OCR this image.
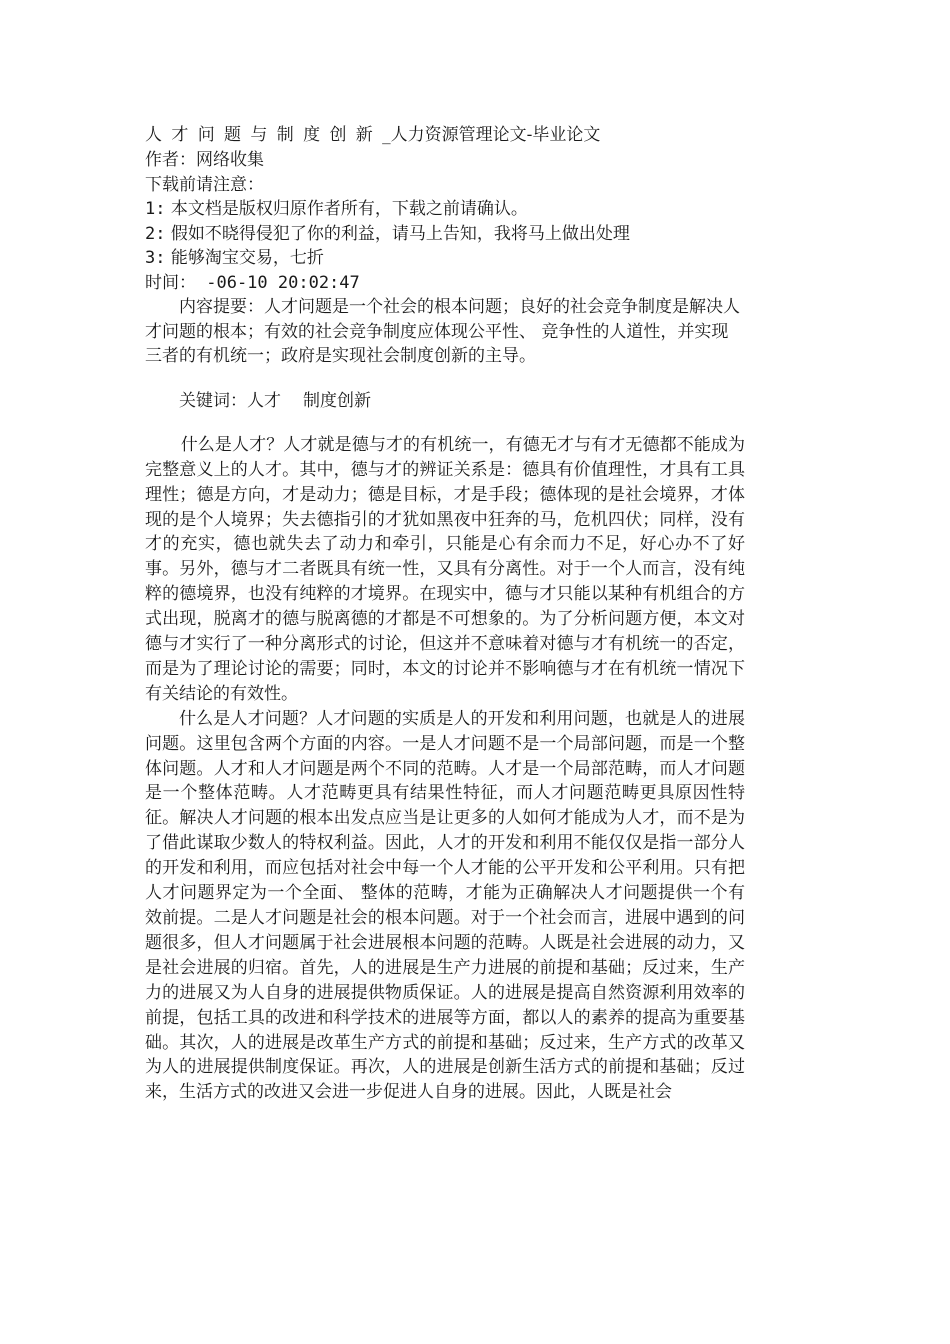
人才问题与制度创新_人力资源管理论文-毕业论文
作者：网络收集
下载前请注意：
1: 本文档是版权归原作者所有，下载之前请确认。
2: 假如不晓得侵犯了你的利益，请马上告知，我将马上做出处理
3: 能够淘宝交易，七折
时间： -06-10 20:02:47

内容提要：人才问题是一个社会的根本问题；良好的社会竞争制度是解决人才问题的根本；有效的社会竞争制度应体现公平性、 竞争性的人道性，并实现三者的有机统一；政府是实现社会制度创新的主导。

关键词：人才 制度创新

什么是人才？人才就是德与才的有机统一，有德无才与有才无德都不能成为完整意义上的人才。其中，德与才的辨证关系是：德具有价值理性，才具有工具理性；德是方向，才是动力；德是目标，才是手段；德体现的是社会境界，才体现的是个人境界；失去德指引的才犹如黑夜中狂奔的马，危机四伏；同样，没有才的充实，德也就失去了动力和牵引，只能是心有余而力不足，好心办不了好事。另外，德与才二者既具有统一性，又具有分离性。对于一个人而言，没有纯粹的德境界，也没有纯粹的才境界。在现实中，德与才只能以某种有机组合的方式出现，脱离才的德与脱离德的才都是不可想象的。为了分析问题方便，本文对德与才实行了一种分离形式的讨论，但这并不意味着对德与才有机统一的否定，而是为了理论讨论的需要；同时，本文的讨论并不影响德与才在有机统一情况下有关结论的有效性。

什么是人才问题？人才问题的实质是人的开发和利用问题，也就是人的进展问题。这里包含两个方面的内容。一是人才问题不是一个局部问题，而是一个整体问题。人才和人才问题是两个不同的范畴。人才是一个局部范畴，而人才问题是一个整体范畴。人才范畴更具有结果性特征，而人才问题范畴更具原因性特征。解决人才问题的根本出发点应当是让更多的人如何才能成为人才，而不是为了借此谋取少数人的特权利益。因此，人才的开发和利用不能仅仅是指一部分人的开发和利用，而应包括对社会中每一个人才能的公平开发和公平利用。只有把人才问题界定为一个全面、 整体的范畴，才能为正确解决人才问题提供一个有效前提。二是人才问题是社会的根本问题。对于一个社会而言，进展中遇到的问题很多，但人才问题属于社会进展根本问题的范畴。人既是社会进展的动力，又是社会进展的归宿。首先，人的进展是生产力进展的前提和基础；反过来，生产力的进展又为人自身的进展提供物质保证。人的进展是提高自然资源利用效率的前提，包括工具的改进和科学技术的进展等方面，都以人的素养的提高为重要基础。其次，人的进展是改革生产方式的前提和基础；反过来，生产方式的改革又为人的进展提供制度保证。再次，人的进展是创新生活方式的前提和基础；反过来，生活方式的改进又会进一步促进人自身的进展。因此，人既是社会
